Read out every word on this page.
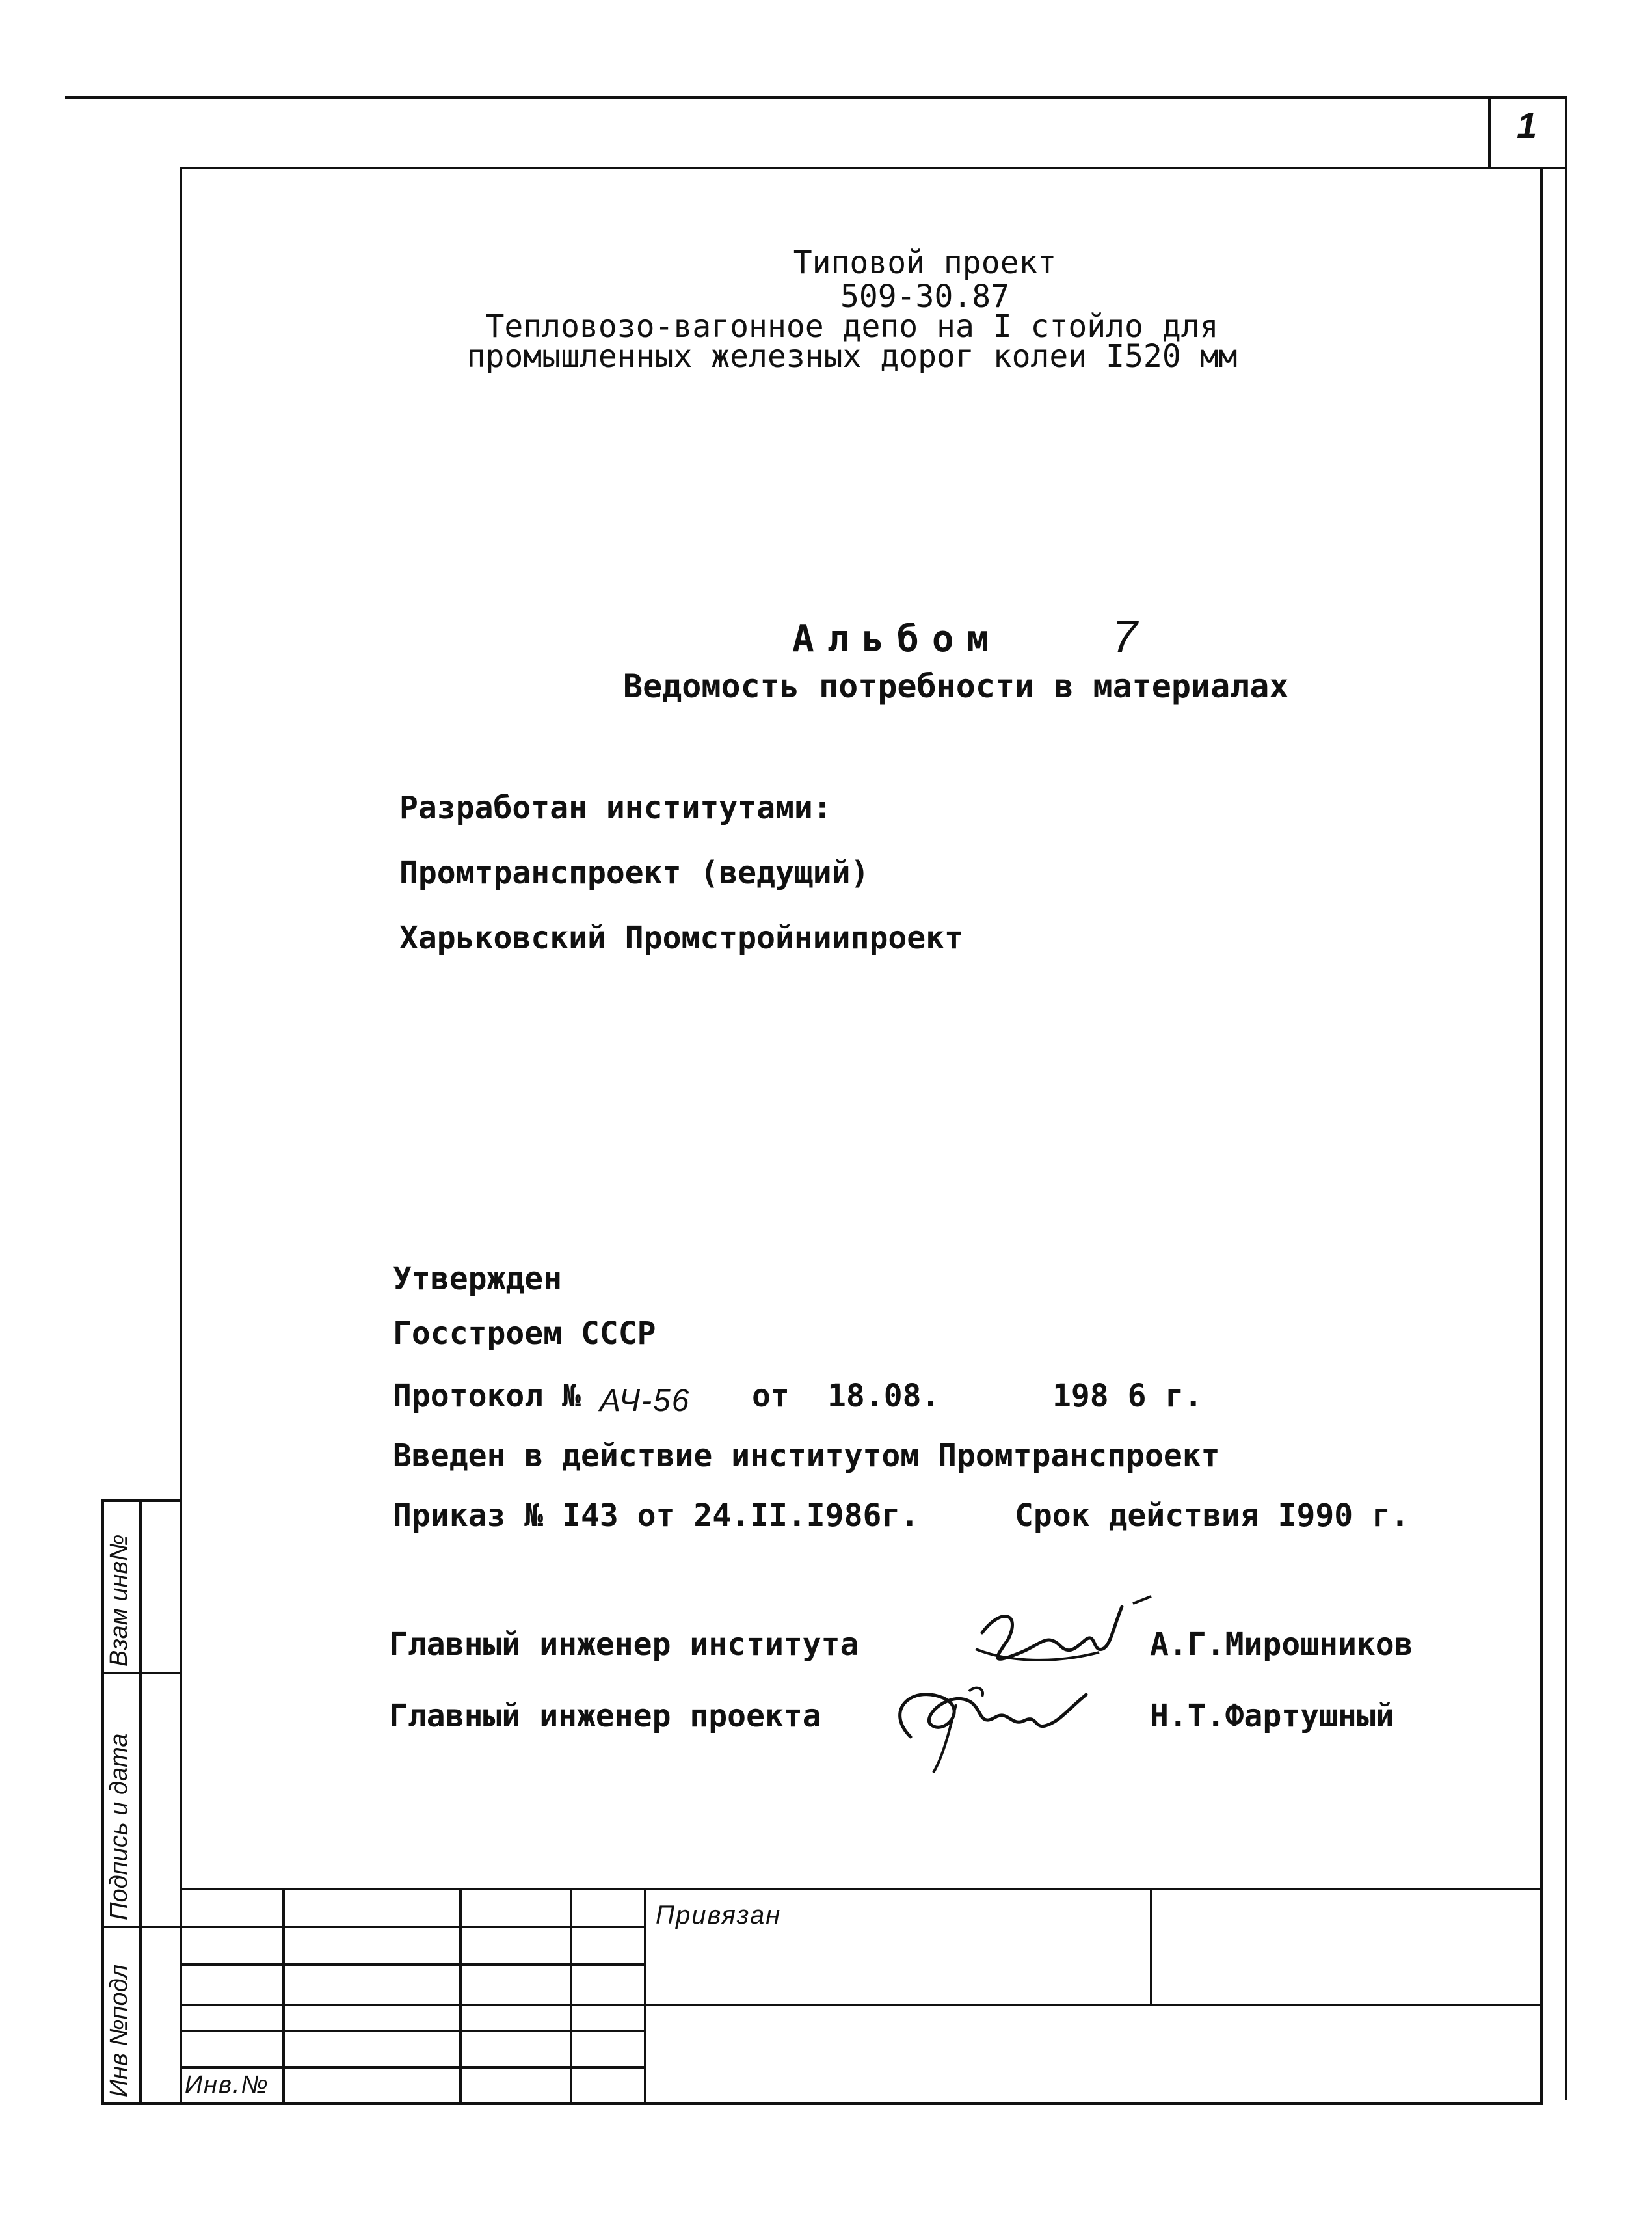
1
Типовой проект
509-30.87
Тепловозо-вагонное депо на I стойло для
промышленных железных дорог колеи I520 мм
Альбом 7
Ведомость потребности в материалах
Разработан институтами:
Промтранспроект (ведущий)
Харьковский Промстройниипроект
Утвержден
Госстроем СССР
Протокол № АЧ-56 от 18.08.	198 6 г.
Введен в действие институтом Промтранспроект
Приказ № I43 от 24.II.I986г.	Срок действия I990 г.
Главный инженер института	А.Г.Мирошников
Главный инженер проекта	Н.Т.Фартушный
Взам инв№
Подпись и дата
Инв №подл
Привязан
Инв.№
